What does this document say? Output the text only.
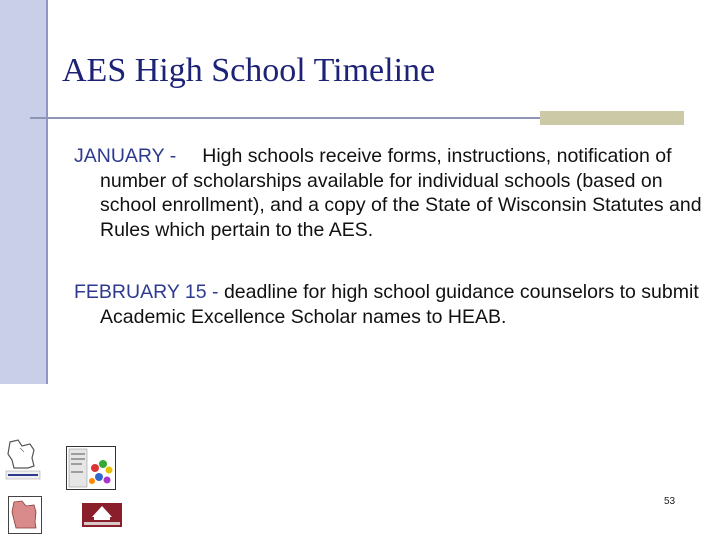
AES High School Timeline

JANUARY - High schools receive forms, instructions, notification of number of scholarships available for individual schools (based on school enrollment), and a copy of the State of Wisconsin Statutes and Rules which pertain to the AES.

FEBRUARY 15 - deadline for high school guidance counselors to submit Academic Excellence Scholar names to HEAB.

53
